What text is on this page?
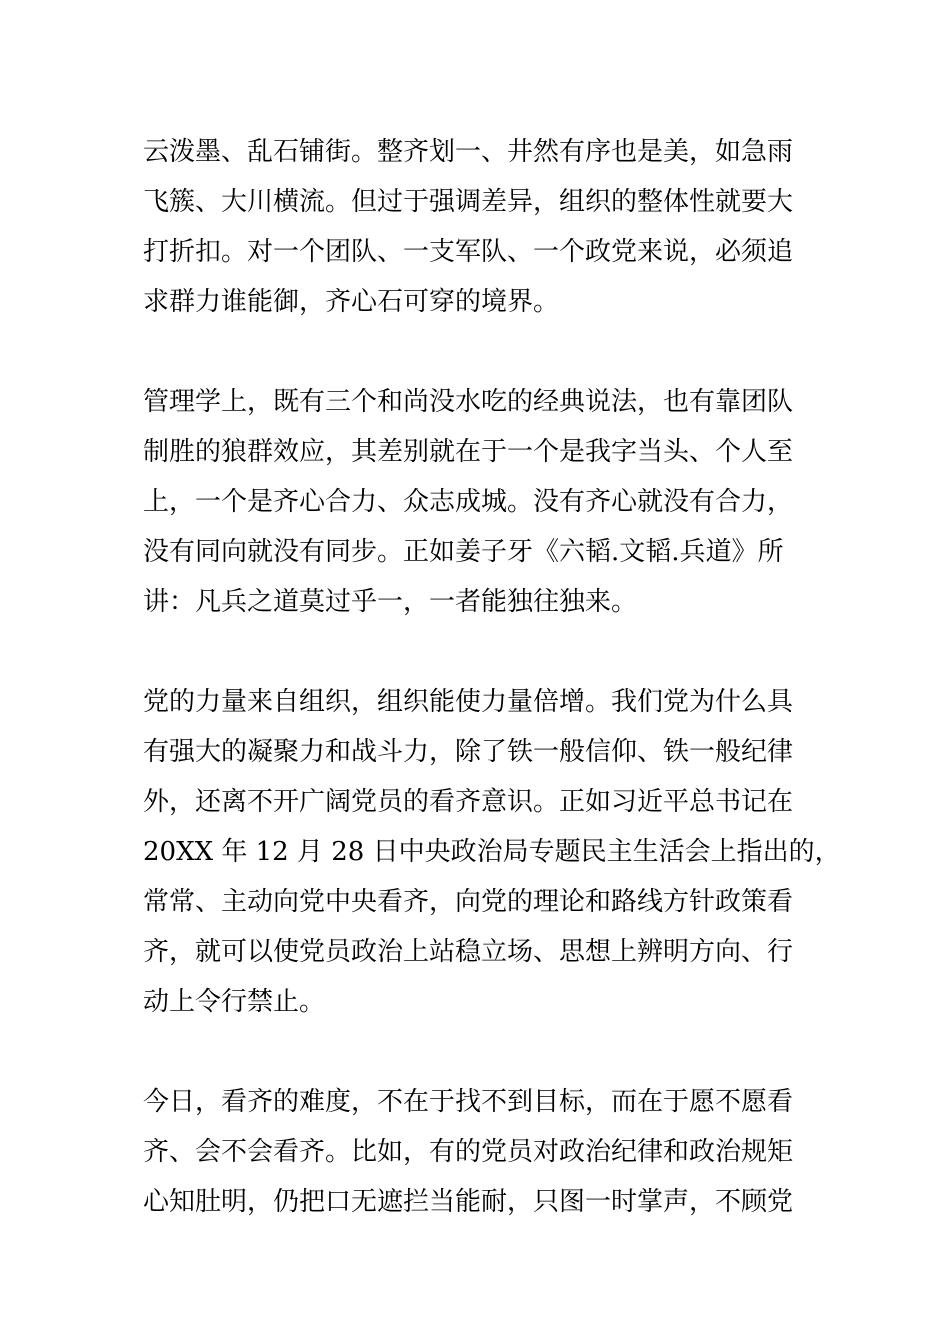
云泼墨、乱石铺街。整齐划一、井然有序也是美，如急雨
飞簇、大川横流。但过于强调差异，组织的整体性就要大
打折扣。对一个团队、一支军队、一个政党来说，必须追
求群力谁能御，齐心石可穿的境界。
管理学上，既有三个和尚没水吃的经典说法，也有靠团队
制胜的狼群效应，其差别就在于一个是我字当头、个人至
上，一个是齐心合力、众志成城。没有齐心就没有合力，
没有同向就没有同步。正如姜子牙《六韬.文韬.兵道》所
讲：凡兵之道莫过乎一，一者能独往独来。
党的力量来自组织，组织能使力量倍增。我们党为什么具
有强大的凝聚力和战斗力，除了铁一般信仰、铁一般纪律
外，还离不开广阔党员的看齐意识。正如习近平总书记在
20XX 年 12 月 28 日中央政治局专题民主生活会上指出的，
常常、主动向党中央看齐，向党的理论和路线方针政策看
齐，就可以使党员政治上站稳立场、思想上辨明方向、行
动上令行禁止。
今日，看齐的难度，不在于找不到目标，而在于愿不愿看
齐、会不会看齐。比如，有的党员对政治纪律和政治规矩
心知肚明，仍把口无遮拦当能耐，只图一时掌声，不顾党
